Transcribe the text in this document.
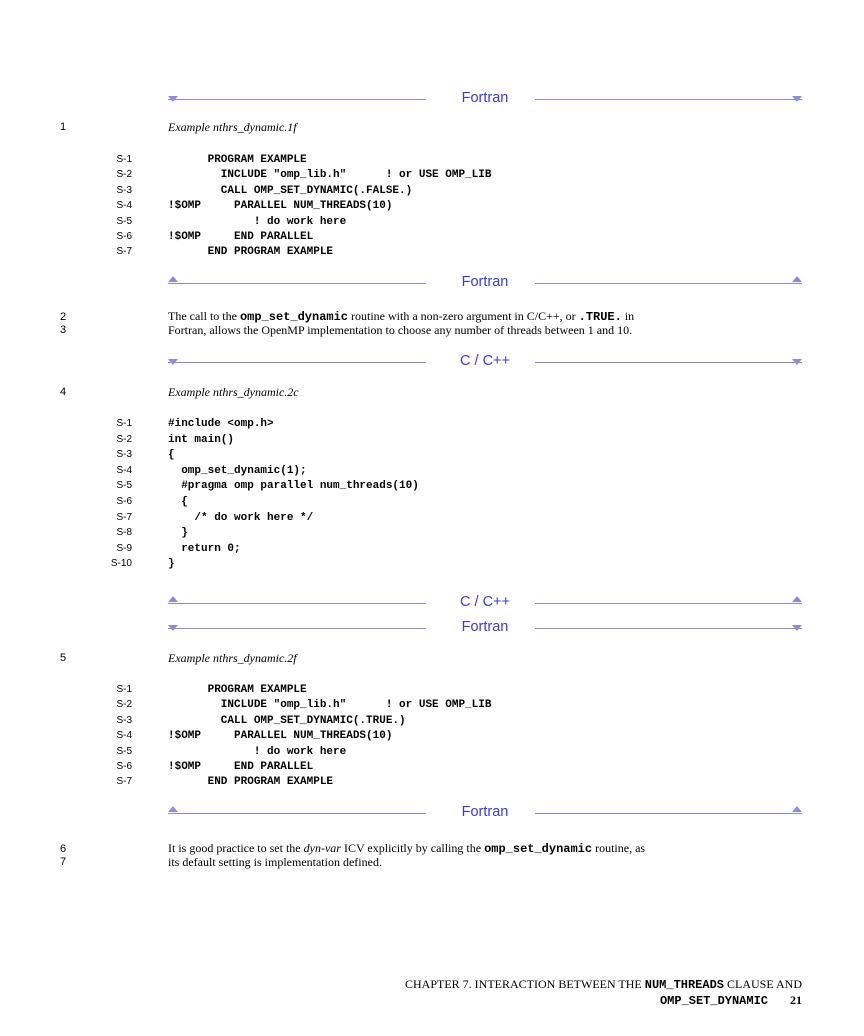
Fortran
1	Example nthrs_dynamic.1f
S-1	PROGRAM EXAMPLE
S-2	INCLUDE "omp_lib.h"      ! or USE OMP_LIB
S-3	CALL OMP_SET_DYNAMIC(.FALSE.)
S-4	!$OMP     PARALLEL NUM_THREADS(10)
S-5	! do work here
S-6	!$OMP     END PARALLEL
S-7	END PROGRAM EXAMPLE
Fortran
2
3
The call to the omp_set_dynamic routine with a non-zero argument in C/C++, or .TRUE. in
Fortran, allows the OpenMP implementation to choose any number of threads between 1 and 10.
C / C++
4	Example nthrs_dynamic.2c
S-1	#include <omp.h>
S-2	int main()
S-3	{
S-4	omp_set_dynamic(1);
S-5	#pragma omp parallel num_threads(10)
S-6	{
S-7	/* do work here */
S-8	}
S-9	return 0;
S-10	}
C / C++
Fortran
5	Example nthrs_dynamic.2f
S-1	PROGRAM EXAMPLE
S-2	INCLUDE "omp_lib.h"      ! or USE OMP_LIB
S-3	CALL OMP_SET_DYNAMIC(.TRUE.)
S-4	!$OMP     PARALLEL NUM_THREADS(10)
S-5	! do work here
S-6	!$OMP     END PARALLEL
S-7	END PROGRAM EXAMPLE
Fortran
6
7
It is good practice to set the dyn-var ICV explicitly by calling the omp_set_dynamic routine, as
its default setting is implementation defined.
CHAPTER 7. INTERACTION BETWEEN THE NUM_THREADS CLAUSE AND
OMP_SET_DYNAMIC 21
